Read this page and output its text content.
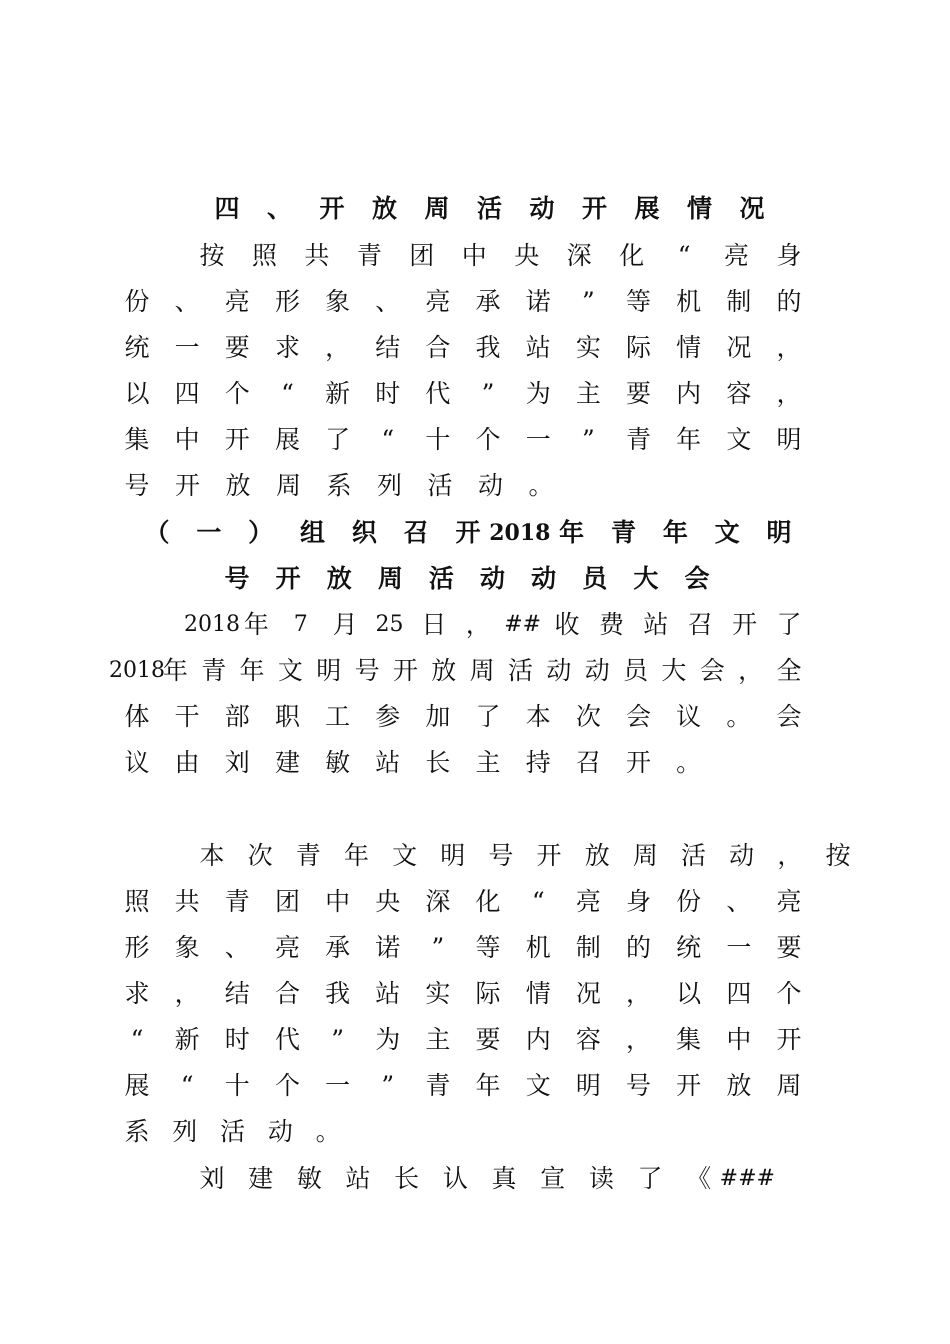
四 、 开 放 周 活 动 开 展 情 况
按 照 共 青 团 中 央 深 化 “ 亮 身
份 、 亮 形 象 、 亮 承 诺 ” 等 机 制 的
统 一 要 求 ， 结 合 我 站 实 际 情 况 ，
以 四 个 “ 新 时 代 ” 为 主 要 内 容 ，
集 中 开 展 了 “ 十 个 一 ” 青 年 文 明
号 开 放 周 系 列 活 动 。
（ 一 ） 组 织 召 开 2018 年 青 年 文 明
号 开 放 周 活 动 动 员 大 会
2018 年 7 月 25 日 ， ## 收 费 站 召 开 了
2018
年 青 年 文 明 号 开 放 周 活 动 动 员 大 会 ， 全
体 干 部 职 工 参 加 了 本 次 会 议 。 会
议 由 刘 建 敏 站 长 主 持 召 开 。
本 次 青 年 文 明 号 开 放 周 活 动 ， 按
照 共 青 团 中 央 深 化 “ 亮 身 份 、 亮
形 象 、 亮 承 诺 ” 等 机 制 的 统 一 要
求 ， 结 合 我 站 实 际 情 况 ， 以 四 个
“ 新 时 代 ” 为 主 要 内 容 ， 集 中 开
展 “ 十 个 一 ” 青 年 文 明 号 开 放 周
系 列 活 动 。
刘 建 敏 站 长 认 真 宣 读 了 《 ###
